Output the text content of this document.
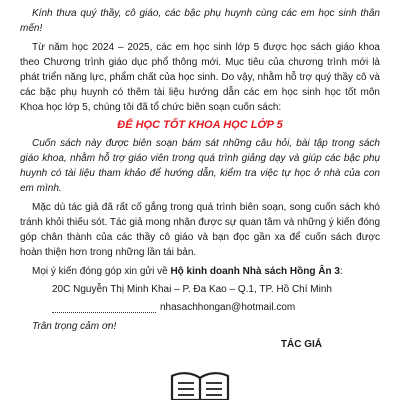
Kính thưa quý thầy, cô giáo, các bậc phụ huynh cùng các em học sinh thân mến!

Từ năm học 2024 – 2025, các em học sinh lớp 5 được học sách giáo khoa theo Chương trình giáo dục phổ thông mới. Mục tiêu của chương trình mới là phát triển năng lực, phẩm chất của học sinh. Do vậy, nhằm hỗ trợ quý thầy cô và các bậc phụ huynh có thêm tài liệu hướng dẫn các em học sinh học tốt môn Khoa học lớp 5, chúng tôi đã tổ chức biên soạn cuốn sách:

ĐỂ HỌC TỐT KHOA HỌC LỚP 5

Cuốn sách này được biên soạn bám sát những câu hỏi, bài tập trong sách giáo khoa, nhằm hỗ trợ giáo viên trong quá trình giảng dạy và giúp các bậc phụ huynh có tài liệu tham khảo để hướng dẫn, kiểm tra việc tự học ở nhà của con em mình.

Mặc dù tác giả đã rất cố gắng trong quá trình biên soạn, song cuốn sách khó tránh khỏi thiếu sót. Tác giả mong nhận được sự quan tâm và những ý kiến đóng góp chân thành của các thầy cô giáo và bạn đọc gần xa để cuốn sách được hoàn thiện hơn trong những lần tái bản.

Mọi ý kiến đóng góp xin gửi về Hộ kinh doanh Nhà sách Hồng Ân 3:

20C Nguyễn Thị Minh Khai – P. Đa Kao – Q.1, TP. Hồ Chí Minh

nhasachhongan@hotmail.com

Trân trọng cảm ơn!

TÁC GIẢ
